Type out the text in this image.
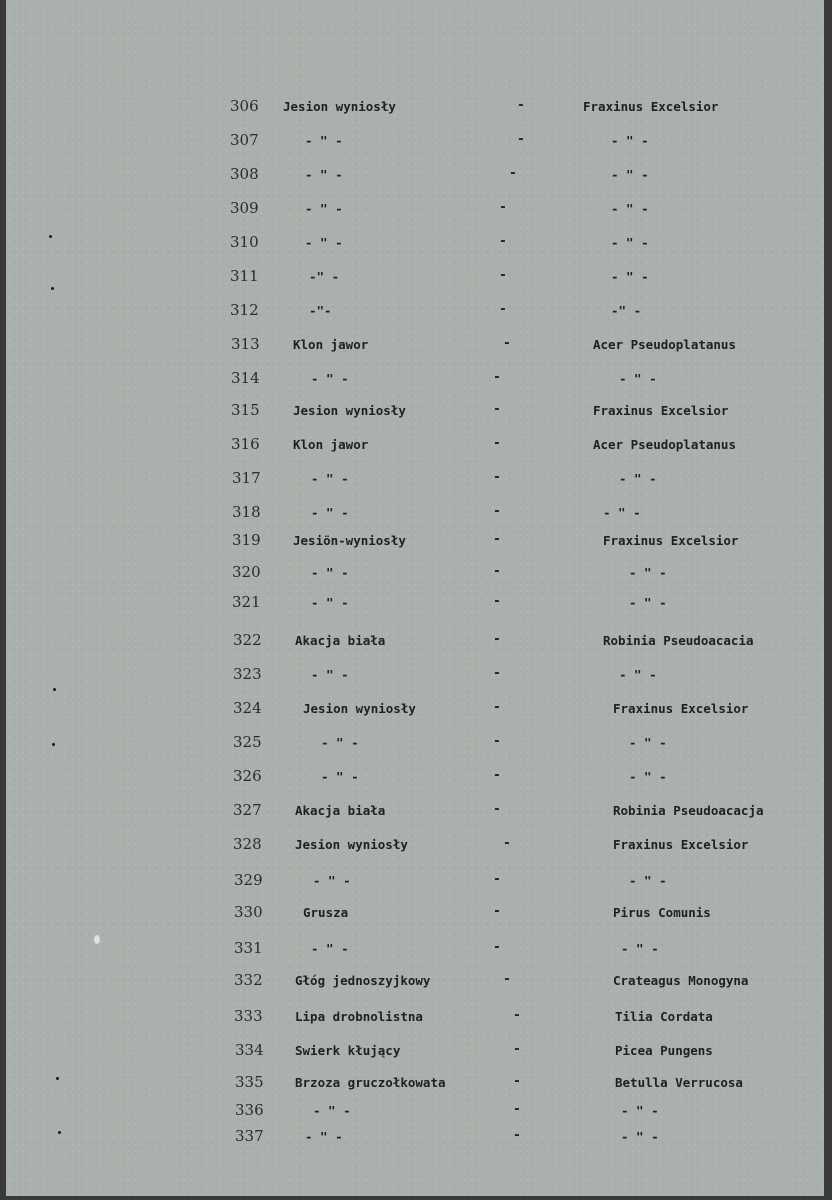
306 Jesion wyniosły	-	Fraxinus Excelsior
307	- " -	-	- " -
308	- " -	-	- " -
309	- " -	-	- " -
310	- " -	-	- " -
311	-" -	-	- " -
312	-"-	-	-" -
313	Klon jawor	-	Acer Pseudoplatanus
314	- " -	-	- " -
315	Jesion wyniosły	-	Fraxinus Excelsior
316	Klon jawor	-	Acer Pseudoplatanus
317	- " -	-	- " -
318	- " -	-	- " -
319	Jesiön-wyniosły	-	Fraxinus Excelsior
320	- " -	-	- " -
321	- " -	-	- " -
322	Akacja biała	-	Robinia Pseudoacacia
323	- " -	-	- " -
324	Jesion wyniosły	-	Fraxinus Excelsior
325	- " -	-	- " -
326	- " -	-	- " -
327	Akacja biała	-	Robinia Pseudoacacja
328	Jesion wyniosły	-	Fraxinus Excelsior
329	- " -	-	- " -
330	Grusza	-	Pirus Comunis
331	- " -	-	- " -
332	Głóg jednoszyjkowy	-	Crateagus Monogyna
333	Lipa drobnolistna	-	Tilia Cordata
334	Swierk kłujący	-	Picea Pungens
335	Brzoza gruczołkowata	-	Betulla Verrucosa
336	- " -	-	- " -
337	- " -	-	- " -
